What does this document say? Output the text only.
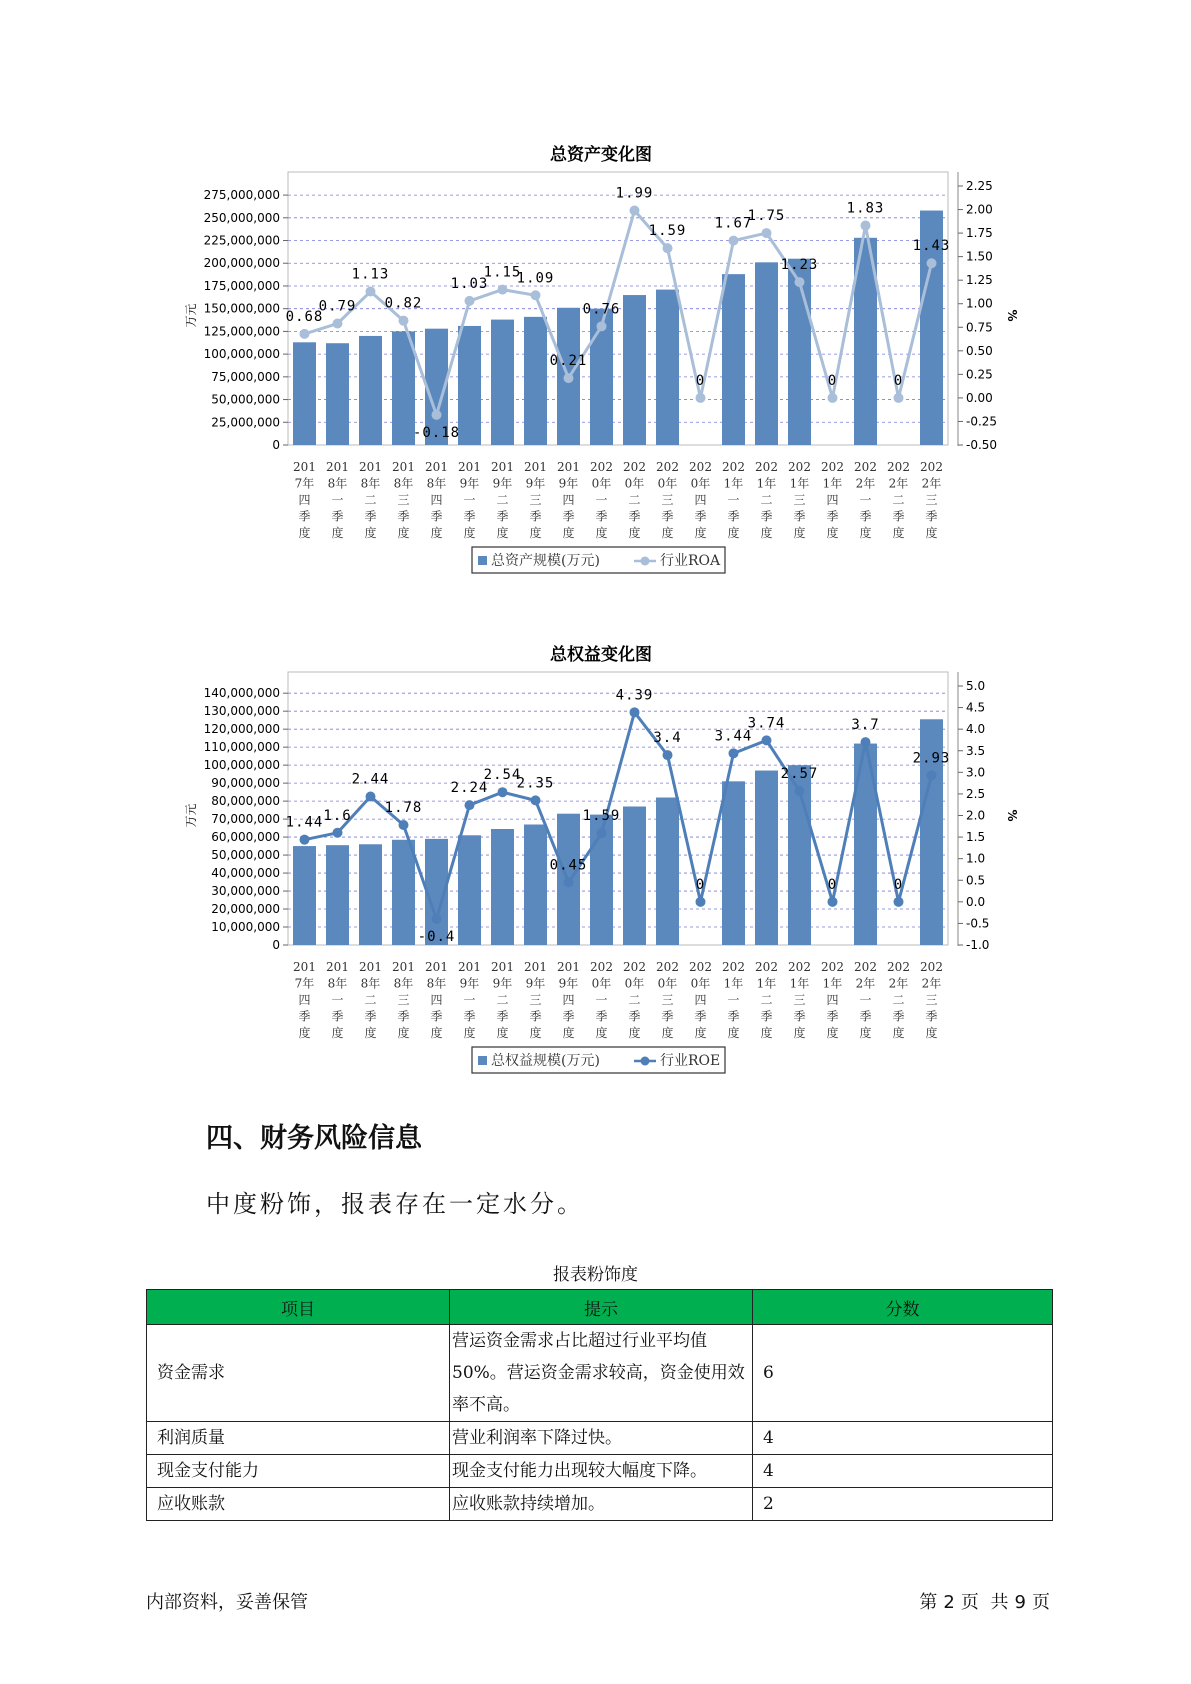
总资产变化图
0
25,000,000
50,000,000
75,000,000
100,000,000
125,000,000
150,000,000
175,000,000
200,000,000
225,000,000
250,000,000
275,000,000
-0.50
-0.25
0.00
0.25
0.50
0.75
1.00
1.25
1.50
1.75
2.00
2.25
万元	%
0.68
0.79
1.13
0.82
-0.18
1.03
1.15
1.09
0.21
0.76
1.99
1.59
0
1.67
1.75
1.23
0
1.83
0
1.43
201 7年四季度
201 8年一季度
201 8年二季度
201 8年三季度
201 8年四季度
201 9年一季度
201 9年二季度
201 9年三季度
201 9年四季度
202 0年一季度
202 0年二季度
202 0年三季度
202 0年四季度
202 1年一季度
202 1年二季度
202 1年三季度
202 1年四季度
202 2年一季度
202 2年二季度
202 2年三季度
总资产规模(万元)	行业ROA
总权益变化图
0
10,000,000
20,000,000
30,000,000
40,000,000
50,000,000
60,000,000
70,000,000
80,000,000
90,000,000
100,000,000
110,000,000
120,000,000
130,000,000
140,000,000
-1.0
-0.5
0.0
0.5
1.0
1.5
2.0
2.5
3.0
3.5
4.0
4.5
5.0
万元	%
1.44 1.6
2.44
1.78
-0.4
2.24
2.54
2.35
0.45
1.59
4.39
3.4
0
3.44
3.74
2.57
0
3.7
0
2.93
201 7年四季度
201 8年一季度
201 8年二季度
201 8年三季度
201 8年四季度
201 9年一季度
201 9年二季度
201 9年三季度
201 9年四季度
202 0年一季度
202 0年二季度
202 0年三季度
202 0年四季度
202 1年一季度
202 1年二季度
202 1年三季度
202 1年四季度
202 2年一季度
202 2年二季度
202 2年三季度
总权益规模(万元)	行业ROE
四、财务风险信息

中度粉饰，报表存在一定水分。

报表粉饰度
项目	提示	分数
资金需求	营运资金需求占比超过行业平均值50%。营运资金需求较高，资金使用效率不高。	6
利润质量	营业利润率下降过快。	4
现金支付能力	现金支付能力出现较大幅度下降。	4
应收账款	应收账款持续增加。	2
内部资料，妥善保管	第 2 页 共 9 页
